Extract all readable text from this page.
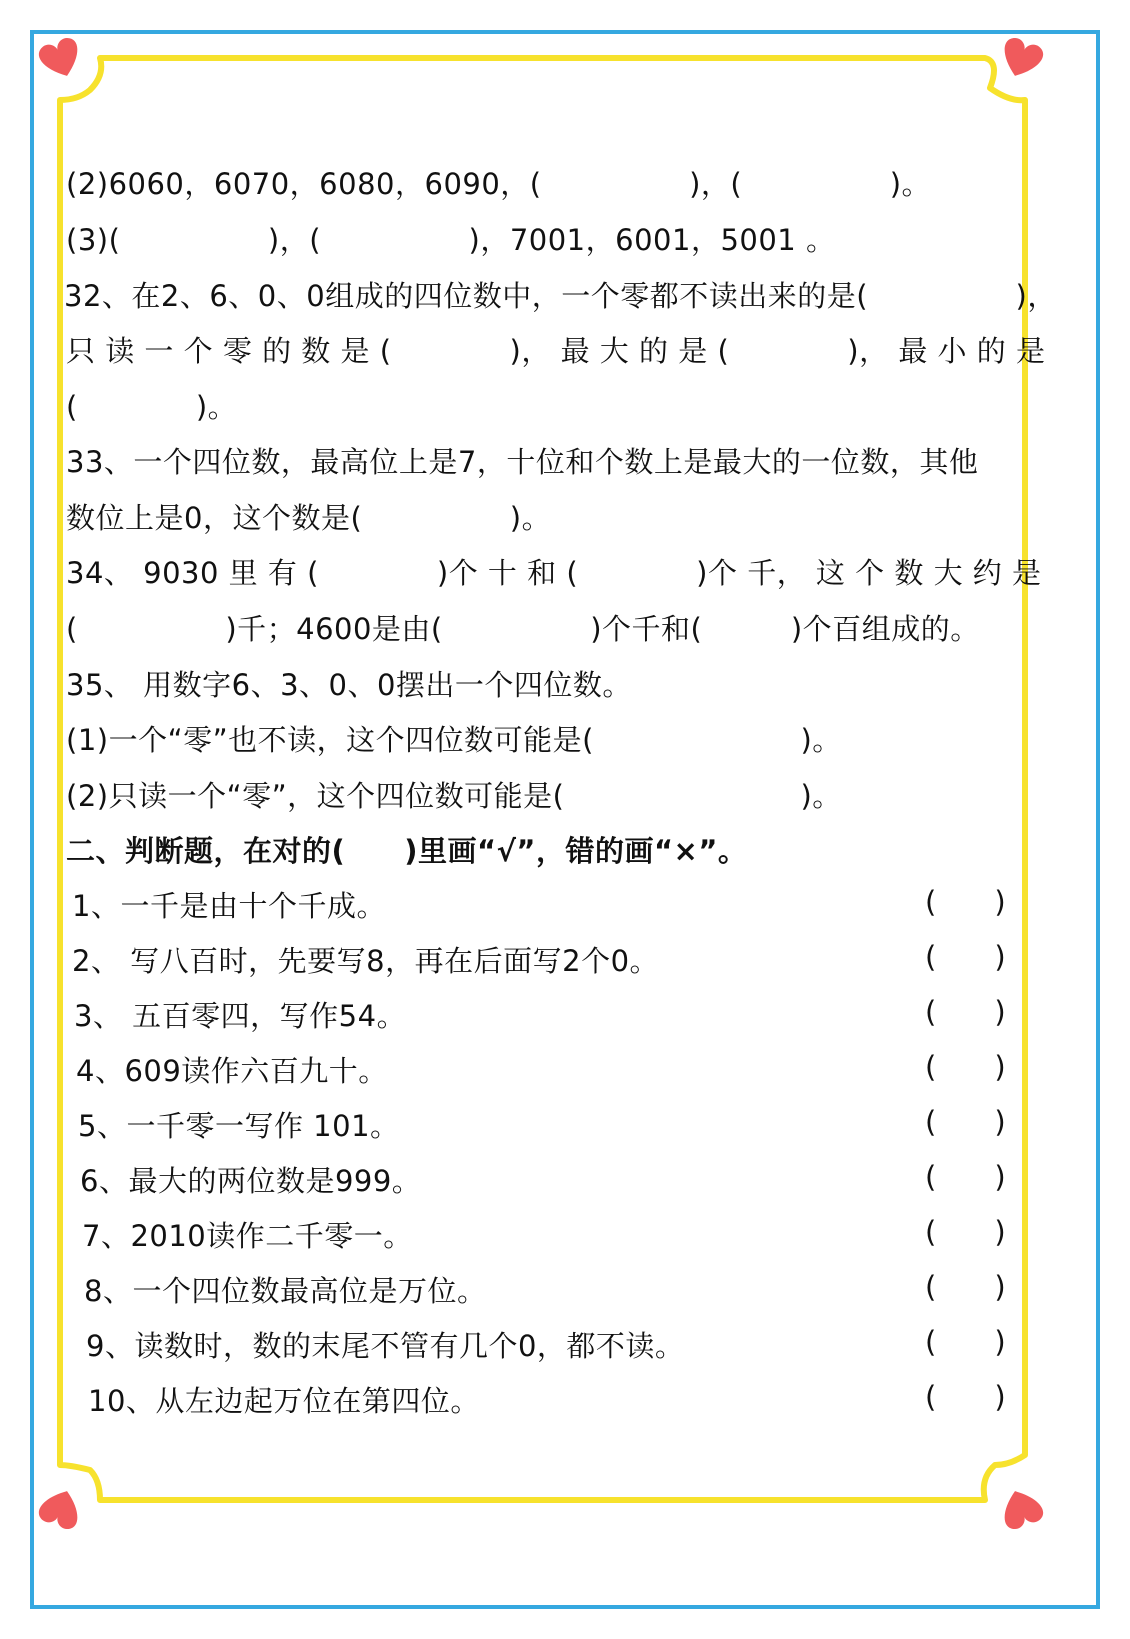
(2)6060，6070，6080，6090，(　　　　　)，(　　　　　)。
(3)(　　　　　)，(　　　　　)，7001，6001，5001 。
32、在2、6、0、0组成的四位数中，一个零都不读出来的是(　　　　　)，
只 读 一 个 零 的 数 是 (　　　　)， 最 大 的 是 (　　　　)， 最 小 的 是
(　　　　)。
33、一个四位数，最高位上是7，十位和个数上是最大的一位数，其他
数位上是0，这个数是(　　　　　)。
34、 9030 里 有 (　　　　)个 十 和 (　　　　)个 千， 这 个 数 大 约 是
(　　　　　)千；4600是由(　　　　　)个千和(　　　)个百组成的。
35、 用数字6、3、0、0摆出一个四位数。
(1)一个“零”也不读，这个四位数可能是(　　　　　　　)。
(2)只读一个“零”，这个四位数可能是(　　　　　　　　)。
二、判断题，在对的(　　)里画“√”，错的画“×”。
1、一千是由十个千成。	(　　)
2、 写八百时，先要写8，再在后面写2个0。	(　　)
3、 五百零四，写作54。	(　　)
4、609读作六百九十。	(　　)
5、一千零一写作 101。	(　　)
6、最大的两位数是999。	(　　)
7、2010读作二千零一。	(　　)
8、一个四位数最高位是万位。	(　　)
9、读数时，数的末尾不管有几个0，都不读。	(　　)
10、从左边起万位在第四位。	(　　)
